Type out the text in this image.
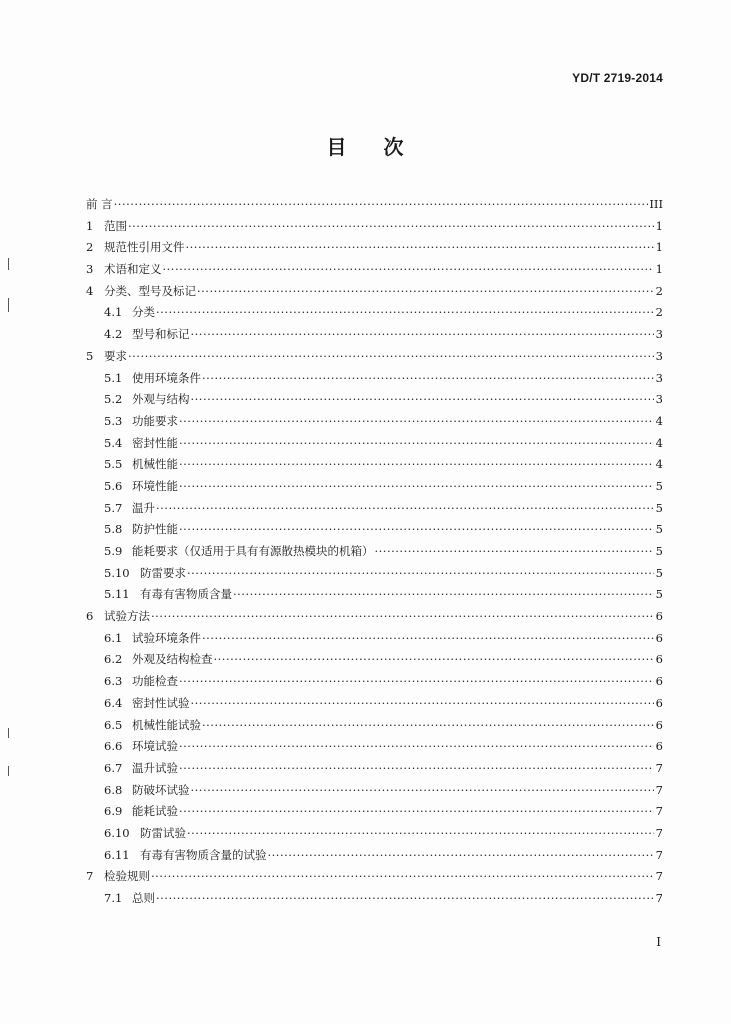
YD/T 2719-2014
目 次
前 言 ·····	III
1 范围 ·····	1
2 规范性引用文件 ·····	1
3 术语和定义 ·····	1
4 分类、型号及标记 ·····	2
4.1 分类 ·····	2
4.2 型号和标记 ·····	3
5 要求 ·····	3
5.1 使用环境条件 ·····	3
5.2 外观与结构 ·····	3
5.3 功能要求 ·····	4
5.4 密封性能 ·····	4
5.5 机械性能 ·····	4
5.6 环境性能 ·····	5
5.7 温升 ·····	5
5.8 防护性能 ·····	5
5.9 能耗要求（仅适用于具有有源散热模块的机箱） ·····	5
5.10 防雷要求 ·····	5
5.11 有毒有害物质含量 ·····	5
6 试验方法 ·····	6
6.1 试验环境条件 ·····	6
6.2 外观及结构检查 ·····	6
6.3 功能检查 ·····	6
6.4 密封性试验 ·····	6
6.5 机械性能试验 ·····	6
6.6 环境试验 ·····	6
6.7 温升试验 ·····	7
6.8 防破坏试验 ·····	7
6.9 能耗试验 ·····	7
6.10 防雷试验 ·····	7
6.11 有毒有害物质含量的试验 ·····	7
7 检验规则 ·····	7
7.1 总则 ·····	7
I
